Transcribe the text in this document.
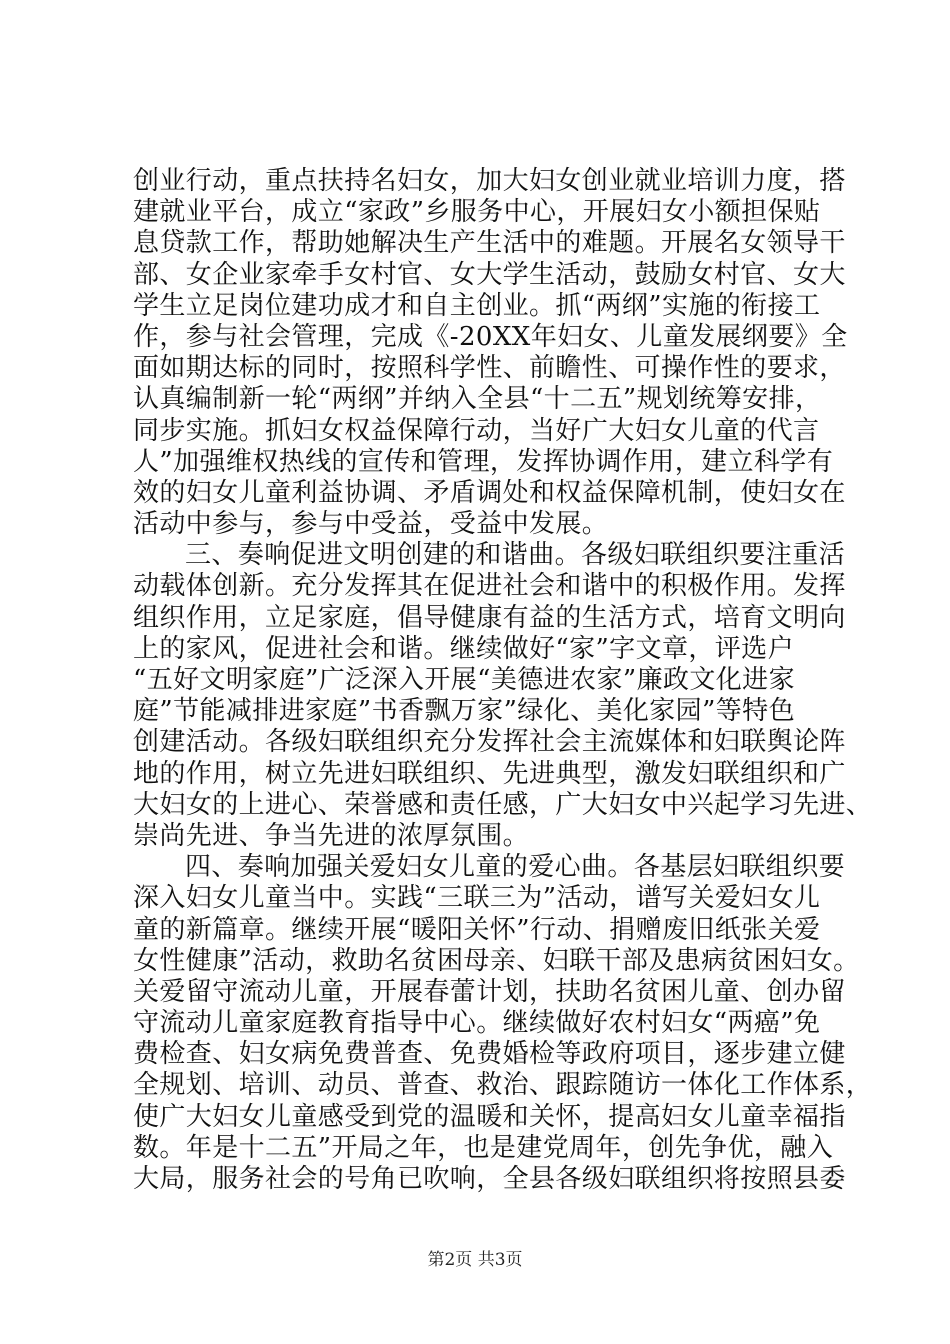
创业行动，重点扶持名妇女，加大妇女创业就业培训力度，搭
建就业平台，成立“家政”乡服务中心，开展妇女小额担保贴
息贷款工作，帮助她解决生产生活中的难题。开展名女领导干
部、女企业家牵手女村官、女大学生活动，鼓励女村官、女大
学生立足岗位建功成才和自主创业。抓“两纲”实施的衔接工
作，参与社会管理，完成《-20XX年妇女、儿童发展纲要》全
面如期达标的同时，按照科学性、前瞻性、可操作性的要求，
认真编制新一轮“两纲”并纳入全县“十二五”规划统筹安排，
同步实施。抓妇女权益保障行动，当好广大妇女儿童的代言
人”加强维权热线的宣传和管理，发挥协调作用，建立科学有
效的妇女儿童利益协调、矛盾调处和权益保障机制，使妇女在
活动中参与，参与中受益，受益中发展。
三、奏响促进文明创建的和谐曲。各级妇联组织要注重活
动载体创新。充分发挥其在促进社会和谐中的积极作用。发挥
组织作用，立足家庭，倡导健康有益的生活方式，培育文明向
上的家风，促进社会和谐。继续做好“家”字文章，评选户
“五好文明家庭”广泛深入开展“美德进农家”廉政文化进家
庭”节能减排进家庭”书香飘万家”绿化、美化家园”等特色
创建活动。各级妇联组织充分发挥社会主流媒体和妇联舆论阵
地的作用，树立先进妇联组织、先进典型，激发妇联组织和广
大妇女的上进心、荣誉感和责任感，广大妇女中兴起学习先进、
崇尚先进、争当先进的浓厚氛围。
四、奏响加强关爱妇女儿童的爱心曲。各基层妇联组织要
深入妇女儿童当中。实践“三联三为”活动，谱写关爱妇女儿
童的新篇章。继续开展“暖阳关怀”行动、捐赠废旧纸张关爱
女性健康”活动，救助名贫困母亲、妇联干部及患病贫困妇女。
关爱留守流动儿童，开展春蕾计划，扶助名贫困儿童、创办留
守流动儿童家庭教育指导中心。继续做好农村妇女“两癌”免
费检查、妇女病免费普查、免费婚检等政府项目，逐步建立健
全规划、培训、动员、普查、救治、跟踪随访一体化工作体系，
使广大妇女儿童感受到党的温暖和关怀，提高妇女儿童幸福指
数。年是十二五”开局之年，也是建党周年，创先争优，融入
大局，服务社会的号角已吹响，全县各级妇联组织将按照县委
第2页 共3页
